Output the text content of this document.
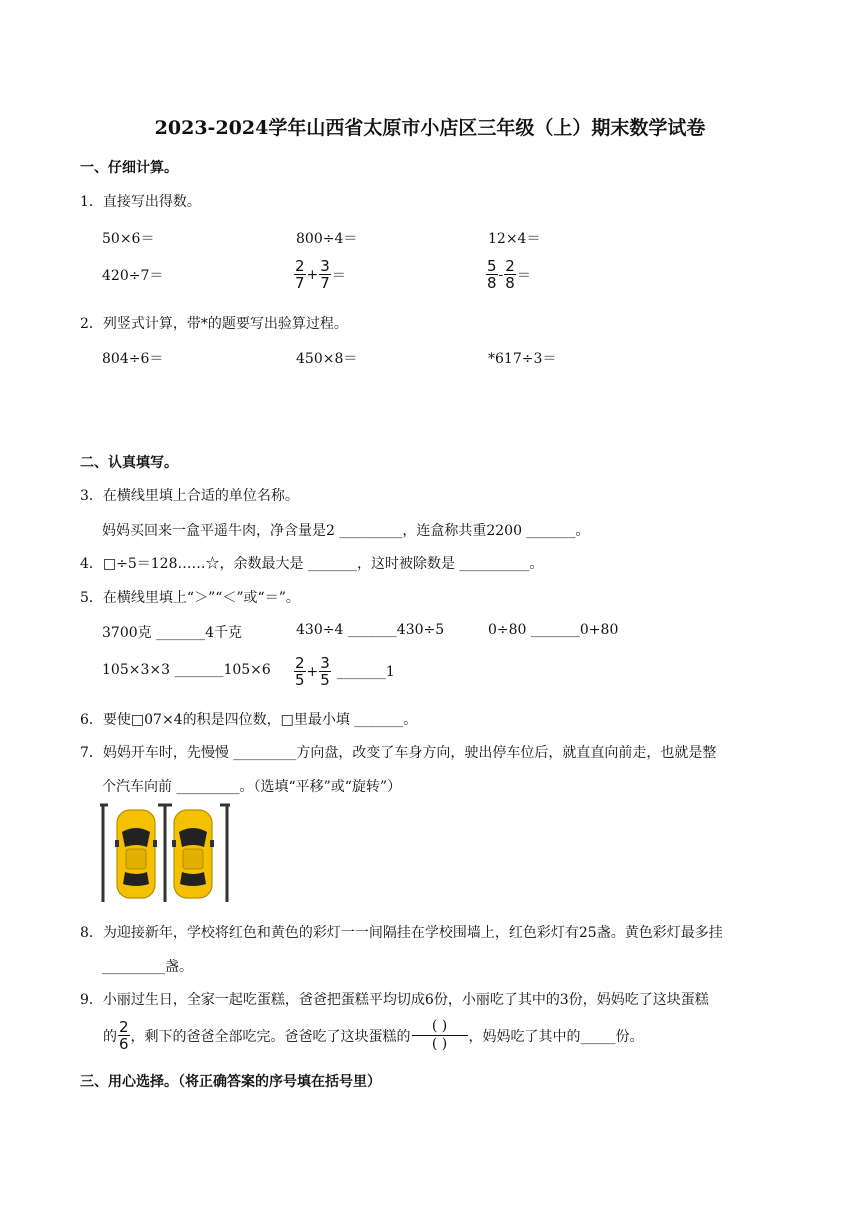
2023-2024学年山西省太原市小店区三年级（上）期末数学试卷
一、仔细计算。
1．直接写出得数。
50×6＝	800÷4＝	12×4＝
420÷7＝	$\frac{2}{7} + \frac{3}{7}$ ＝	$\frac{5}{8} - \frac{2}{8}$ ＝
2．列竖式计算，带*的题要写出验算过程。
804÷6＝	450×8＝	*617÷3＝
二、认真填写。
3．在横线里填上合适的单位名称。
妈妈买回来一盒平遥牛肉，净含量是2 _________，连盒称共重2200 _______。
4．□÷5＝128……☆，余数最大是 _______，这时被除数是 __________。
5．在横线里填上“＞”“＜”或“＝”。
3700克 _______4千克	430÷4 _______430÷5	0÷80 _______0+80
105×3×3 _______105×6 $\frac{2}{5} + \frac{3}{5}$ _______1
6．要使□07×4的积是四位数，□里最小填 _______。
7．妈妈开车时，先慢慢 _________方向盘，改变了车身方向，驶出停车位后，就直直向前走，也就是整
个汽车向前 _________。（选填“平移”或“旋转”）
8．为迎接新年，学校将红色和黄色的彩灯一一间隔挂在学校围墙上，红色彩灯有25盏。黄色彩灯最多挂
_________盏。
9．小丽过生日，全家一起吃蛋糕，爸爸把蛋糕平均切成6份，小丽吃了其中的3份，妈妈吃了这块蛋糕
的 $\frac{2}{6}$ ，剩下的爸爸全部吃完。爸爸吃了这块蛋糕的 $\frac{( )}{( )}$ ，妈妈吃了其中的_____份。
三、用心选择。（将正确答案的序号填在括号里）
